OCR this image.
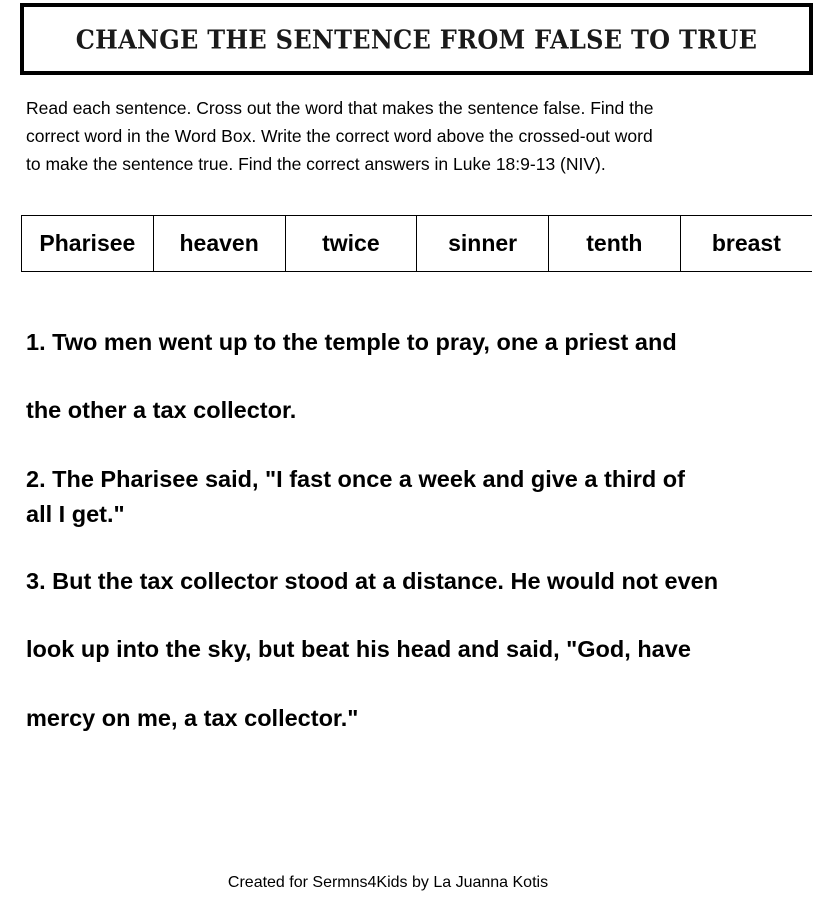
CHANGE THE SENTENCE FROM FALSE TO TRUE
Read each sentence. Cross out the word that makes the sentence false. Find the
correct word in the Word Box. Write the correct word above the crossed-out word
to make the sentence true. Find the correct answers in Luke 18:9-13 (NIV).
Pharisee	heaven	twice	sinner	tenth	breast
1. Two men went up to the temple to pray, one a priest and
the other a tax collector.
2. The Pharisee said, "I fast once a week and give a third of
all I get."
3. But the tax collector stood at a distance. He would not even
look up into the sky, but beat his head and said, "God, have
mercy on me, a tax collector."
Created for Sermns4Kids by La Juanna Kotis
